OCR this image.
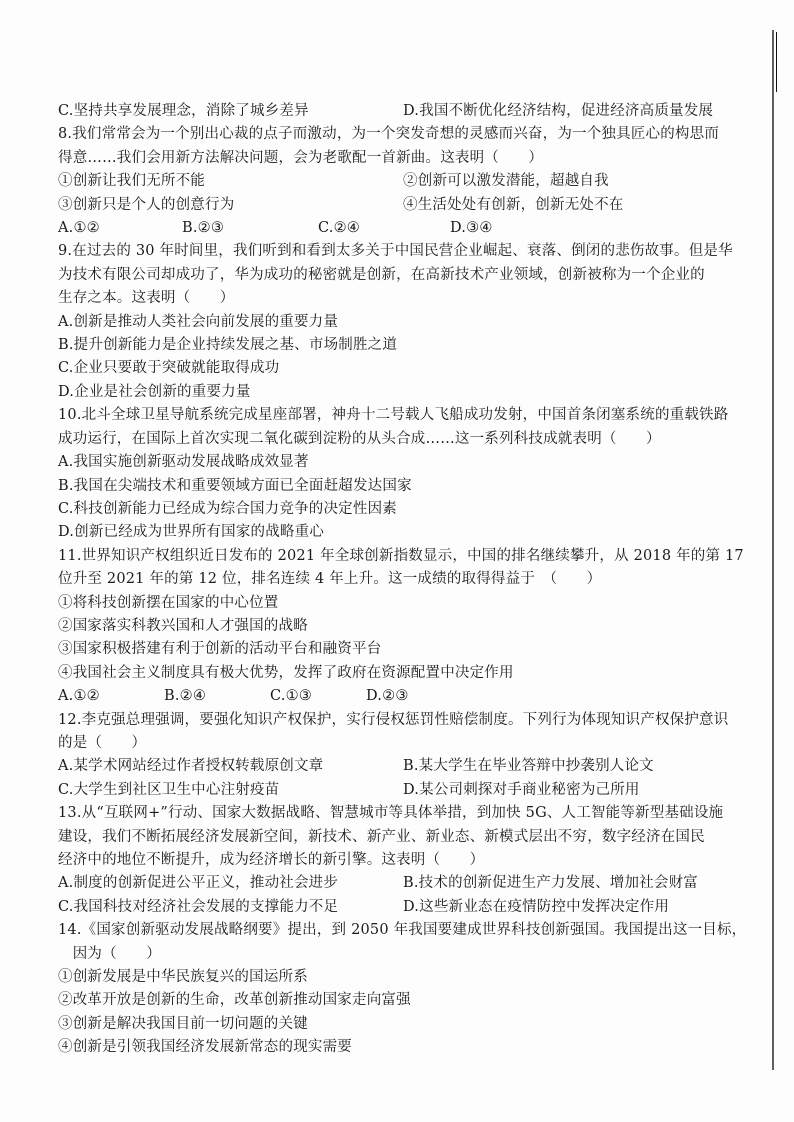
C.坚持共享发展理念，消除了城乡差异	D.我国不断优化经济结构，促进经济高质量发展
8.我们常常会为一个别出心裁的点子而激动，为一个突发奇想的灵感而兴奋，为一个独具匠心的构思而
得意……我们会用新方法解决问题，会为老歌配一首新曲。这表明（　　）
①创新让我们无所不能	②创新可以激发潜能，超越自我
③创新只是个人的创意行为	④生活处处有创新，创新无处不在
A.①②	B.②③	C.②④	D.③④
9.在过去的 30 年时间里，我们听到和看到太多关于中国民营企业崛起、衰落、倒闭的悲伤故事。但是华
为技术有限公司却成功了，华为成功的秘密就是创新，在高新技术产业领域，创新被称为一个企业的
生存之本。这表明（　　）
A.创新是推动人类社会向前发展的重要力量
B.提升创新能力是企业持续发展之基、市场制胜之道
C.企业只要敢于突破就能取得成功
D.企业是社会创新的重要力量
10.北斗全球卫星导航系统完成星座部署，神舟十二号载人飞船成功发射，中国首条闭塞系统的重载铁路
成功运行，在国际上首次实现二氧化碳到淀粉的从头合成……这一系列科技成就表明（　　）
A.我国实施创新驱动发展战略成效显著
B.我国在尖端技术和重要领域方面已全面赶超发达国家
C.科技创新能力已经成为综合国力竞争的决定性因素
D.创新已经成为世界所有国家的战略重心
11.世界知识产权组织近日发布的 2021 年全球创新指数显示，中国的排名继续攀升，从 2018 年的第 17
位升至 2021 年的第 12 位，排名连续 4 年上升。这一成绩的取得得益于　（　　）
①将科技创新摆在国家的中心位置
②国家落实科教兴国和人才强国的战略
③国家积极搭建有利于创新的活动平台和融资平台
④我国社会主义制度具有极大优势，发挥了政府在资源配置中决定作用
A.①②	B.②④	C.①③	D.②③
12.李克强总理强调，要强化知识产权保护，实行侵权惩罚性赔偿制度。下列行为体现知识产权保护意识
的是（　　）
A.某学术网站经过作者授权转载原创文章	B.某大学生在毕业答辩中抄袭别人论文
C.大学生到社区卫生中心注射疫苗	D.某公司刺探对手商业秘密为己所用
13.从“互联网+”行动、国家大数据战略、智慧城市等具体举措，到加快 5G、人工智能等新型基础设施
建设，我们不断拓展经济发展新空间，新技术、新产业、新业态、新模式层出不穷，数字经济在国民
经济中的地位不断提升，成为经济增长的新引擎。这表明（　　）
A.制度的创新促进公平正义，推动社会进步	B.技术的创新促进生产力发展、增加社会财富
C.我国科技对经济社会发展的支撑能力不足	D.这些新业态在疫情防控中发挥决定作用
14.《国家创新驱动发展战略纲要》提出，到 2050 年我国要建成世界科技创新强国。我国提出这一目标，
　因为（　　）
①创新发展是中华民族复兴的国运所系
②改革开放是创新的生命，改革创新推动国家走向富强
③创新是解决我国目前一切问题的关键
④创新是引领我国经济发展新常态的现实需要
